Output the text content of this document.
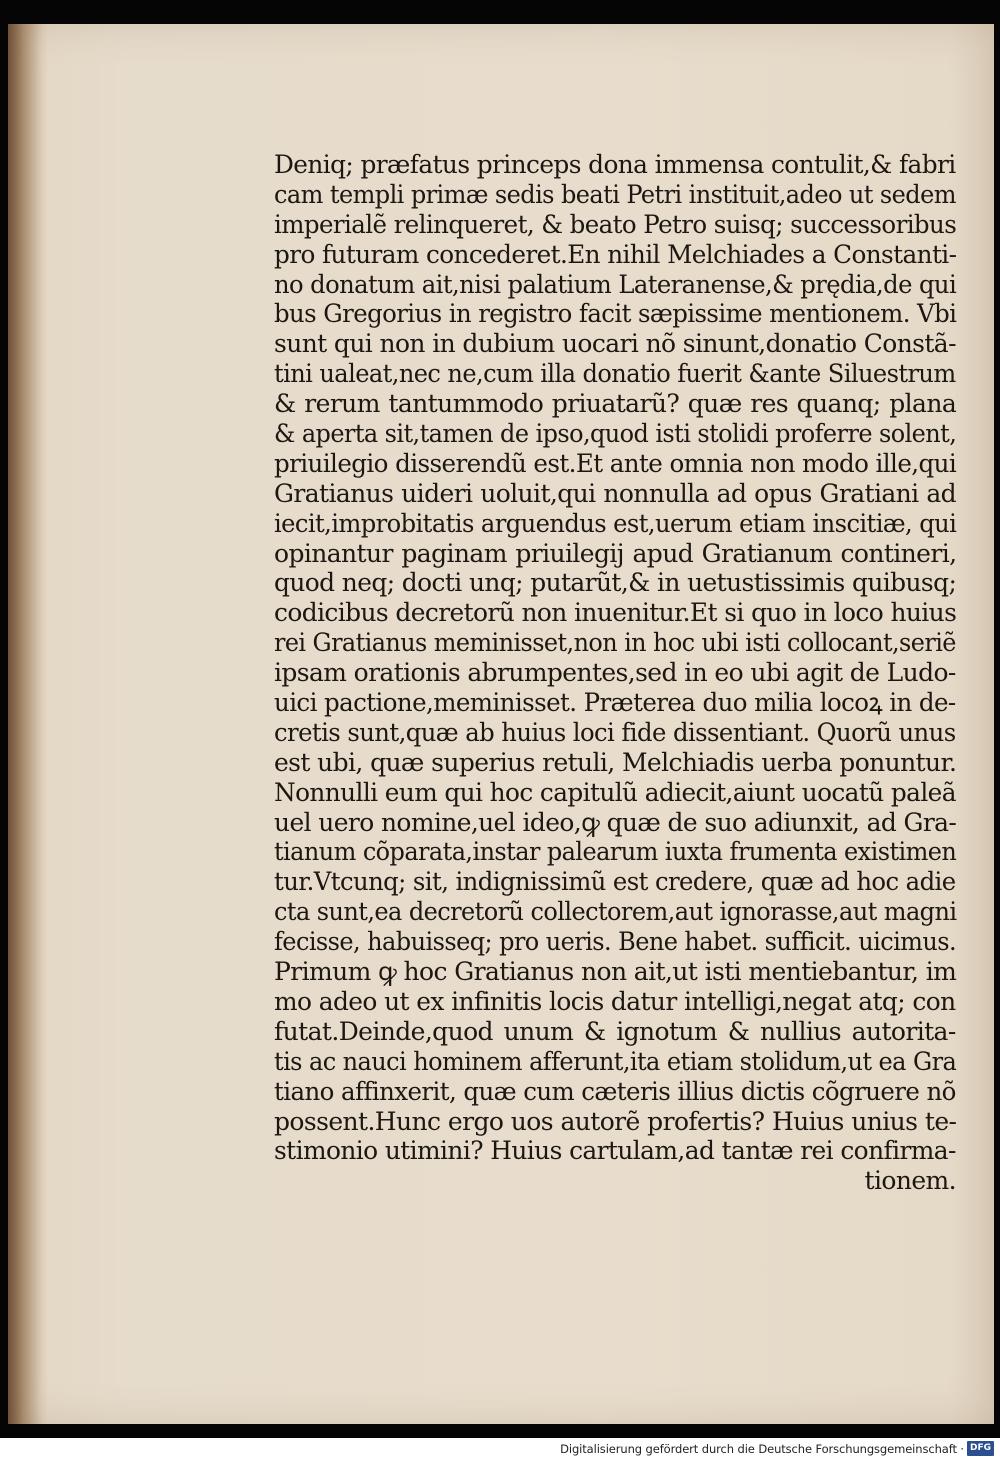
Deniq; præfatus princeps dona immensa contulit,& fabri
cam templi primæ sedis beati Petri instituit,adeo ut sedem
imperialẽ relinqueret, & beato Petro suisq; successoribus
pro futuram concederet.En nihil Melchiades a Constanti-
no donatum ait,nisi palatium Lateranense,& prędia,de qui
bus Gregorius in registro facit sæpissime mentionem. Vbi
sunt qui non in dubium uocari nõ sinunt,donatio Constã-
tini ualeat,nec ne,cum illa donatio fuerit &ante Siluestrum
& rerum tantummodo priuatarũ? quæ res quanq; plana
& aperta sit,tamen de ipso,quod isti stolidi proferre solent,
priuilegio disserendũ est.Et ante omnia non modo ille,qui
Gratianus uideri uoluit,qui nonnulla ad opus Gratiani ad
iecit,improbitatis arguendus est,uerum etiam inscitiæ, qui
opinantur paginam priuilegij apud Gratianum contineri,
quod neq; docti unq; putarũt,& in uetustissimis quibusq;
codicibus decretorũ non inuenitur.Et si quo in loco huius
rei Gratianus meminisset,non in hoc ubi isti collocant,seriẽ
ipsam orationis abrumpentes,sed in eo ubi agit de Ludo-
uici pactione,meminisset. Præterea duo milia locoꝝ in de-
cretis sunt,quæ ab huius loci fide dissentiant. Quorũ unus
est ubi, quæ superius retuli, Melchiadis uerba ponuntur.
Nonnulli eum qui hoc capitulũ adiecit,aiunt uocatũ paleã
uel uero nomine,uel ideo,ꝙ quæ de suo adiunxit, ad Gra-
tianum cõparata,instar palearum iuxta frumenta existimen
tur.Vtcunq; sit, indignissimũ est credere, quæ ad hoc adie
cta sunt,ea decretorũ collectorem,aut ignorasse,aut magni
fecisse, habuisseq; pro ueris. Bene habet. sufficit. uicimus.
Primum ꝙ hoc Gratianus non ait,ut isti mentiebantur, im
mo adeo ut ex infinitis locis datur intelligi,negat atq; con
futat.Deinde,quod unum & ignotum & nullius autorita-
tis ac nauci hominem afferunt,ita etiam stolidum,ut ea Gra
tiano affinxerit, quæ cum cæteris illius dictis cõgruere nõ
possent.Hunc ergo uos autorẽ profertis? Huius unius te-
stimonio utimini? Huius cartulam,ad tantæ rei confirma-
tionem.
Digitalisierung gefördert durch die Deutsche Forschungsgemeinschaft · DFG
